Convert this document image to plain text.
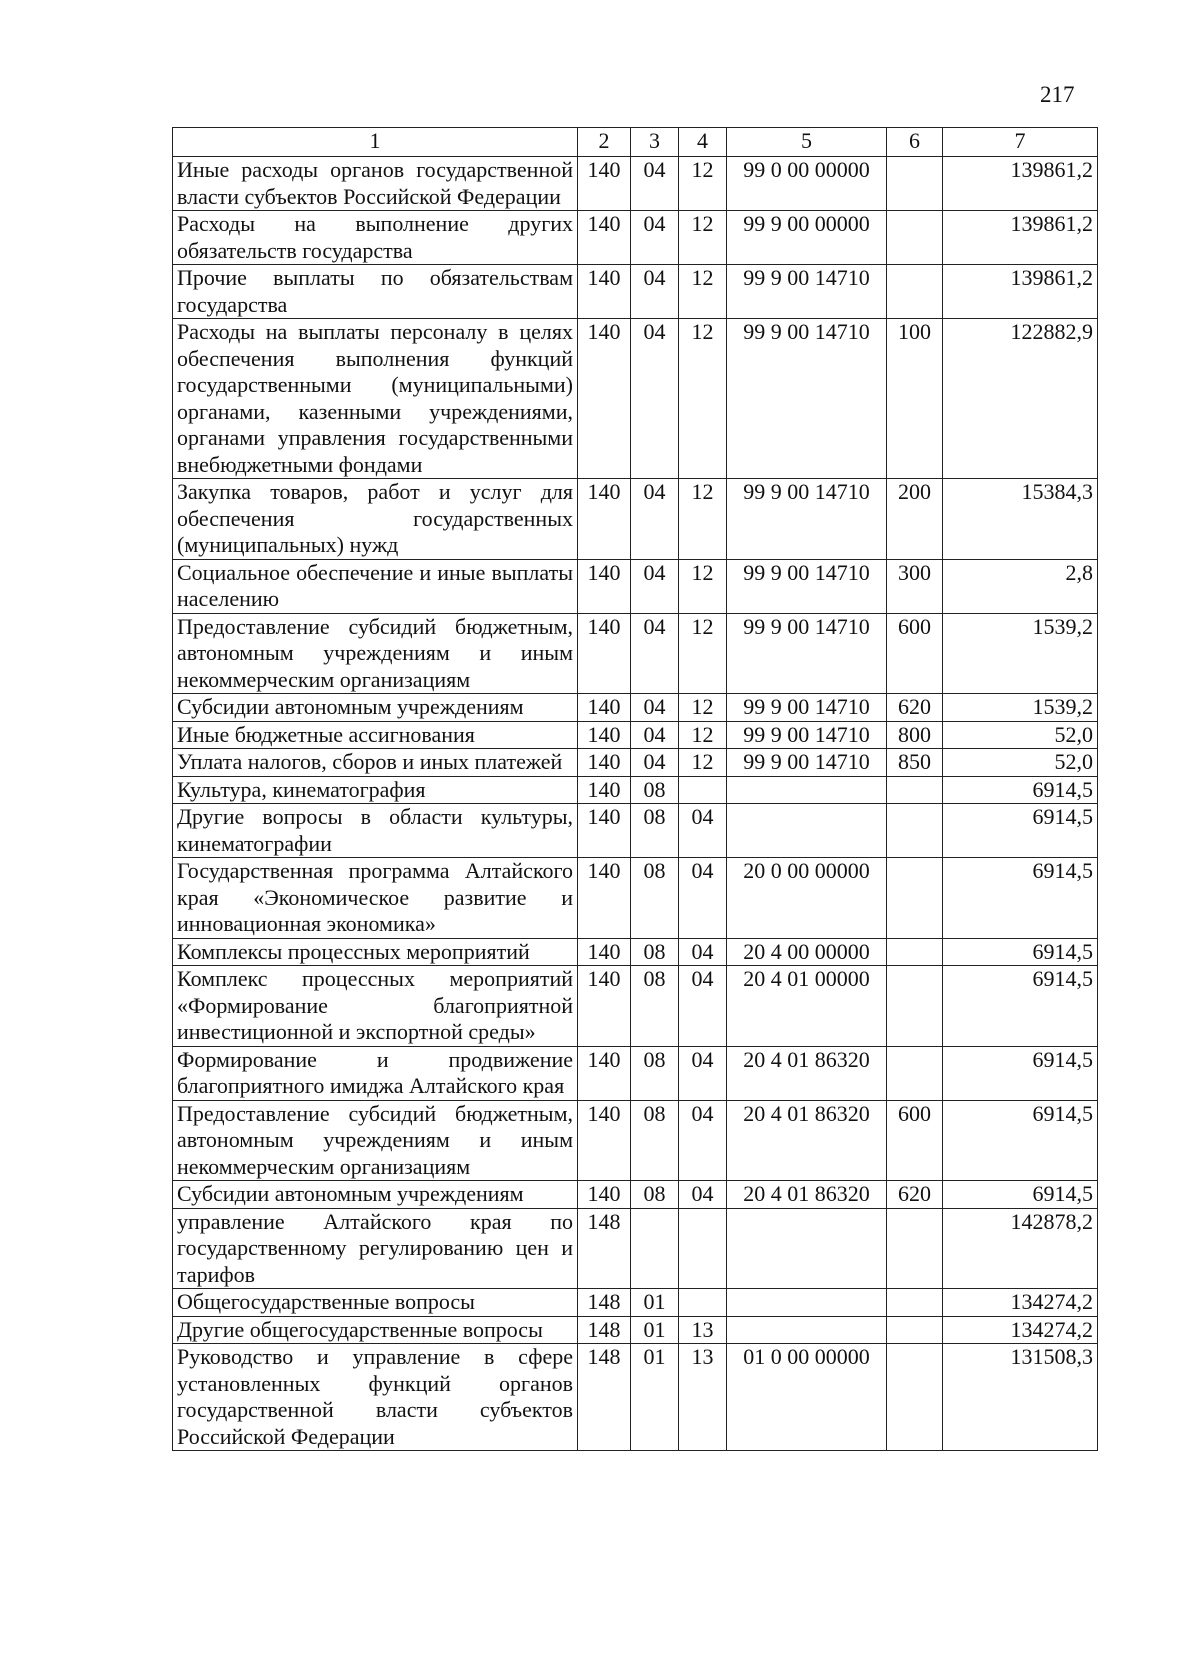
217
1	2	3	4	5	6	7
Иные расходы органов государственной власти субъектов Российской Федерации	140	04	12	99 0 00 00000		139861,2
Расходы на выполнение других обязательств государства	140	04	12	99 9 00 00000		139861,2
Прочие выплаты по обязательствам государства	140	04	12	99 9 00 14710		139861,2
Расходы на выплаты персоналу в целях обеспечения выполнения функций государственными (муниципальными) органами, казенными учреждениями, органами управления государственными внебюджетными фондами	140	04	12	99 9 00 14710	100	122882,9
Закупка товаров, работ и услуг для обеспечения государственных (муниципальных) нужд	140	04	12	99 9 00 14710	200	15384,3
Социальное обеспечение и иные выплаты населению	140	04	12	99 9 00 14710	300	2,8
Предоставление субсидий бюджетным, автономным учреждениям и иным некоммерческим организациям	140	04	12	99 9 00 14710	600	1539,2
Субсидии автономным учреждениям	140	04	12	99 9 00 14710	620	1539,2
Иные бюджетные ассигнования	140	04	12	99 9 00 14710	800	52,0
Уплата налогов, сборов и иных платежей	140	04	12	99 9 00 14710	850	52,0
Культура, кинематография	140	08				6914,5
Другие вопросы в области культуры, кинематографии	140	08	04			6914,5
Государственная программа Алтайского края «Экономическое развитие и инновационная экономика»	140	08	04	20 0 00 00000		6914,5
Комплексы процессных мероприятий	140	08	04	20 4 00 00000		6914,5
Комплекс процессных мероприятий «Формирование благоприятной инвестиционной и экспортной среды»	140	08	04	20 4 01 00000		6914,5
Формирование и продвижение благоприятного имиджа Алтайского края	140	08	04	20 4 01 86320		6914,5
Предоставление субсидий бюджетным, автономным учреждениям и иным некоммерческим организациям	140	08	04	20 4 01 86320	600	6914,5
Субсидии автономным учреждениям	140	08	04	20 4 01 86320	620	6914,5
управление Алтайского края по государственному регулированию цен и тарифов	148					142878,2
Общегосударственные вопросы	148	01				134274,2
Другие общегосударственные вопросы	148	01	13			134274,2
Руководство и управление в сфере установленных функций органов государственной власти субъектов Российской Федерации	148	01	13	01 0 00 00000		131508,3
